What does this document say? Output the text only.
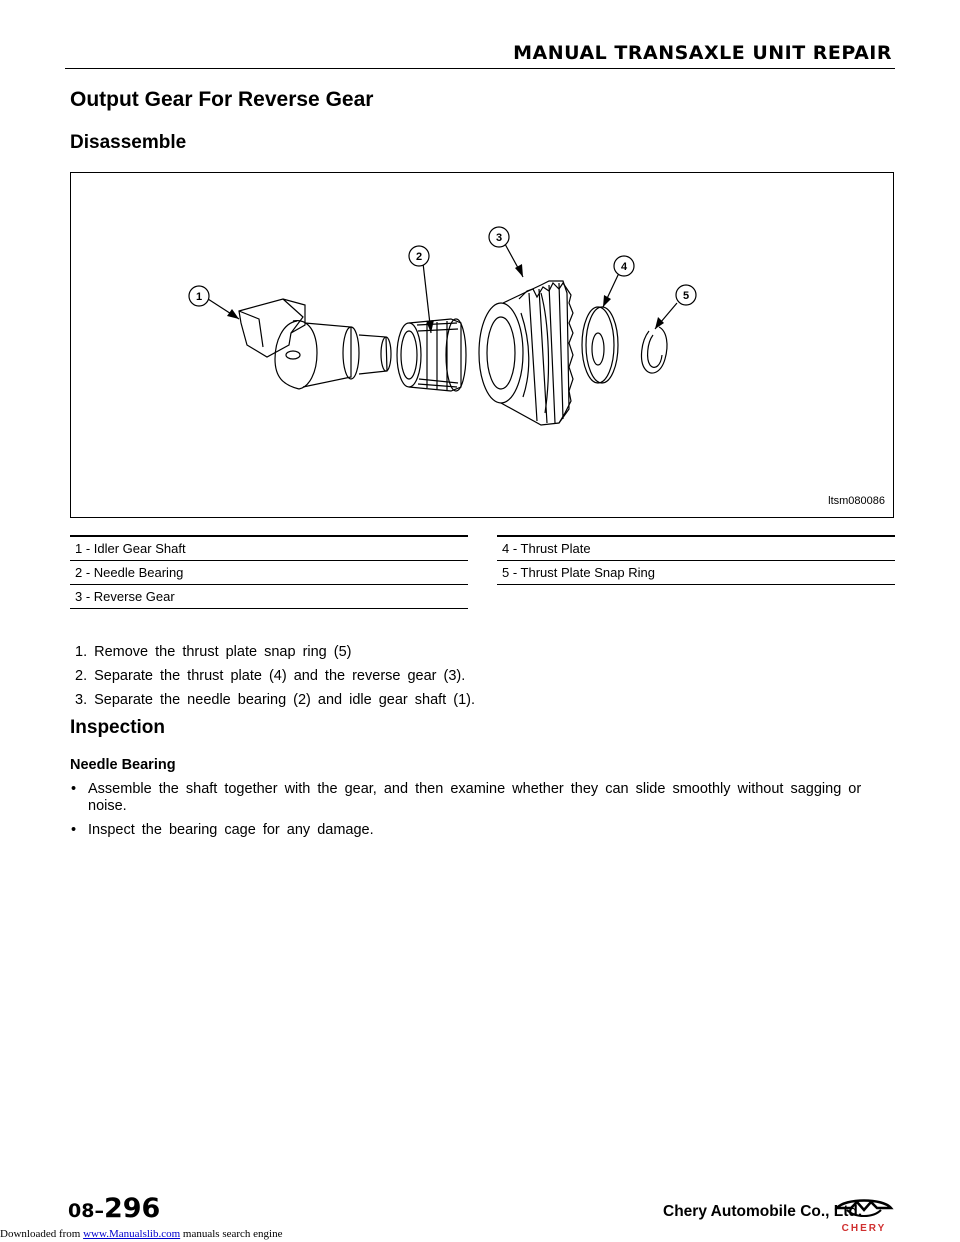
MANUAL TRANSAXLE UNIT REPAIR
Output Gear For Reverse Gear
Disassemble
1
2
3
4
5
ltsm080086
1 - Idler Gear Shaft
2 - Needle Bearing
3 - Reverse Gear
4 - Thrust Plate
5 - Thrust Plate Snap Ring
1. Remove the thrust plate snap ring (5)
2. Separate the thrust plate (4) and the reverse gear (3).
3. Separate the needle bearing (2) and idle gear shaft (1).
Inspection
Needle Bearing
• Assemble the shaft together with the gear, and then examine whether they can slide smoothly without sagging or noise.
• Inspect the bearing cage for any damage.
08–296	Chery Automobile Co., Ltd.
CHERY
Downloaded from www.Manualslib.com manuals search engine
